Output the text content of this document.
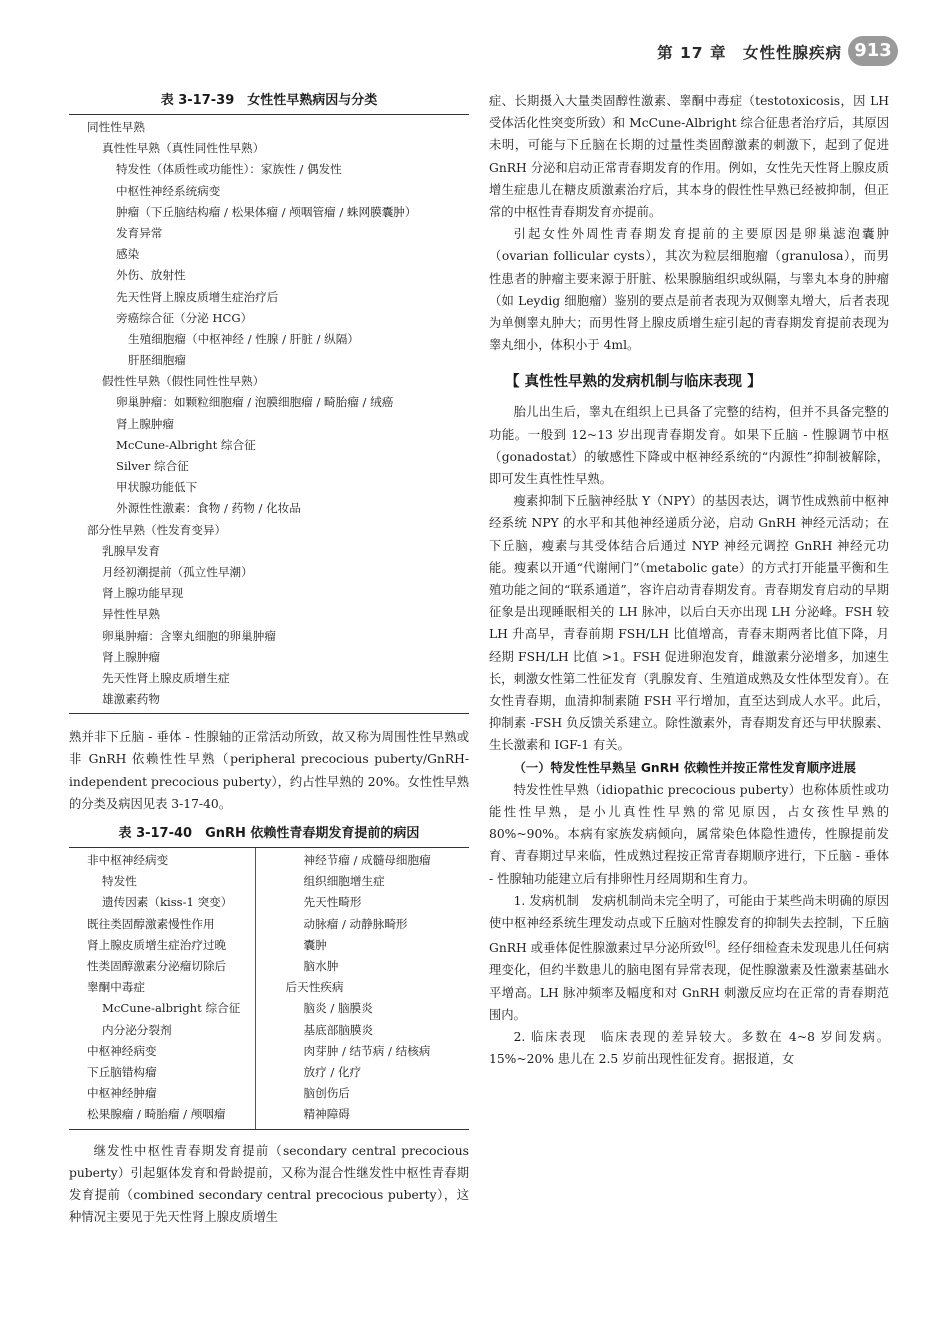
第 17 章　女性性腺疾病 913
表 3-17-39　女性性早熟病因与分类
同性性早熟
真性性早熟（真性同性性早熟）
特发性（体质性或功能性）：家族性 / 偶发性
中枢性神经系统病变
肿瘤（下丘脑结构瘤 / 松果体瘤 / 颅咽管瘤 / 蛛网膜囊肿）
发育异常
感染
外伤、放射性
先天性肾上腺皮质增生症治疗后
旁癌综合征（分泌 HCG）
生殖细胞瘤（中枢神经 / 性腺 / 肝脏 / 纵隔）
肝胚细胞瘤
假性性早熟（假性同性性早熟）
卵巢肿瘤：如颗粒细胞瘤 / 泡膜细胞瘤 / 畸胎瘤 / 绒癌
肾上腺肿瘤
McCune-Albright 综合征
Silver 综合征
甲状腺功能低下
外源性性激素：食物 / 药物 / 化妆品
部分性早熟（性发育变异）
乳腺早发育
月经初潮提前（孤立性早潮）
肾上腺功能早现
异性性早熟
卵巢肿瘤：含睾丸细胞的卵巢肿瘤
肾上腺肿瘤
先天性肾上腺皮质增生症
雄激素药物

熟并非下丘脑 - 垂体 - 性腺轴的正常活动所致，故又称为周围性性早熟或非 GnRH 依赖性性早熟（peripheral precocious puberty/GnRH-independent precocious puberty），约占性早熟的 20%。女性性早熟的分类及病因见表 3-17-40。

表 3-17-40　GnRH 依赖性青春期发育提前的病因
非中枢神经病变
特发性
遗传因素（kiss-1 突变）
既往类固醇激素慢性作用
肾上腺皮质增生症治疗过晚
性类固醇激素分泌瘤切除后
睾酮中毒症
McCune-albright 综合征
内分泌分裂剂
中枢神经病变
下丘脑错构瘤
中枢神经肿瘤
松果腺瘤 / 畸胎瘤 / 颅咽瘤
神经节瘤 / 成髓母细胞瘤
组织细胞增生症
先天性畸形
动脉瘤 / 动静脉畸形
囊肿
脑水肿
后天性疾病
脑炎 / 脑膜炎
基底部脑膜炎
肉芽肿 / 结节病 / 结核病
放疗 / 化疗
脑创伤后
精神障碍

继发性中枢性青春期发育提前（secondary central precocious puberty）引起躯体发育和骨龄提前，又称为混合性继发性中枢性青春期发育提前（combined secondary central precocious puberty），这种情况主要见于先天性肾上腺皮质增生

症、长期摄入大量类固醇性激素、睾酮中毒症（testotoxicosis，因 LH 受体活化性突变所致）和 McCune-Albright 综合征患者治疗后，其原因未明，可能与下丘脑在长期的过量性类固醇激素的刺激下，起到了促进 GnRH 分泌和启动正常青春期发育的作用。例如，女性先天性肾上腺皮质增生症患儿在糖皮质激素治疗后，其本身的假性性早熟已经被抑制，但正常的中枢性青春期发育亦提前。

引起女性外周性青春期发育提前的主要原因是卵巢滤泡囊肿（ovarian follicular cysts），其次为粒层细胞瘤（granulosa），而男性患者的肿瘤主要来源于肝脏、松果腺脑组织或纵隔，与睾丸本身的肿瘤（如 Leydig 细胞瘤）鉴别的要点是前者表现为双侧睾丸增大，后者表现为单侧睾丸肿大；而男性肾上腺皮质增生症引起的青春期发育提前表现为睾丸细小，体积小于 4ml。

【 真性性早熟的发病机制与临床表现 】

胎儿出生后，睾丸在组织上已具备了完整的结构，但并不具备完整的功能。一般到 12~13 岁出现青春期发育。如果下丘脑 - 性腺调节中枢（gonadostat）的敏感性下降或中枢神经系统的“内源性”抑制被解除，即可发生真性性早熟。

瘦素抑制下丘脑神经肽 Y（NPY）的基因表达，调节性成熟前中枢神经系统 NPY 的水平和其他神经递质分泌，启动 GnRH 神经元活动；在下丘脑，瘦素与其受体结合后通过 NYP 神经元调控 GnRH 神经元功能。瘦素以开通“代谢闸门”（metabolic gate）的方式打开能量平衡和生殖功能之间的“联系通道”，容许启动青春期发育。青春期发育启动的早期征象是出现睡眠相关的 LH 脉冲，以后白天亦出现 LH 分泌峰。FSH 较 LH 升高早，青春前期 FSH/LH 比值增高，青春末期两者比值下降，月经期 FSH/LH 比值 >1。FSH 促进卵泡发育，雌激素分泌增多，加速生长，刺激女性第二性征发育（乳腺发育、生殖道成熟及女性体型发育）。在女性青春期，血清抑制素随 FSH 平行增加，直至达到成人水平。此后，抑制素 -FSH 负反馈关系建立。除性激素外，青春期发育还与甲状腺素、生长激素和 IGF-1 有关。

（一）特发性性早熟呈 GnRH 依赖性并按正常性发育顺序进展

特发性性早熟（idiopathic precocious puberty）也称体质性或功能性性早熟，是小儿真性性早熟的常见原因，占女孩性早熟的 80%~90%。本病有家族发病倾向，属常染色体隐性遗传，性腺提前发育、青春期过早来临，性成熟过程按正常青春期顺序进行，下丘脑 - 垂体 - 性腺轴功能建立后有排卵性月经周期和生育力。

1. 发病机制　发病机制尚未完全明了，可能由于某些尚未明确的原因使中枢神经系统生理发动点或下丘脑对性腺发育的抑制失去控制，下丘脑 GnRH 或垂体促性腺激素过早分泌所致[6]。经仔细检查未发现患儿任何病理变化，但约半数患儿的脑电图有异常表现，促性腺激素及性激素基础水平增高。LH 脉冲频率及幅度和对 GnRH 刺激反应均在正常的青春期范围内。

2. 临床表现　临床表现的差异较大。多数在 4~8 岁间发病。15%~20% 患儿在 2.5 岁前出现性征发育。据报道，女
